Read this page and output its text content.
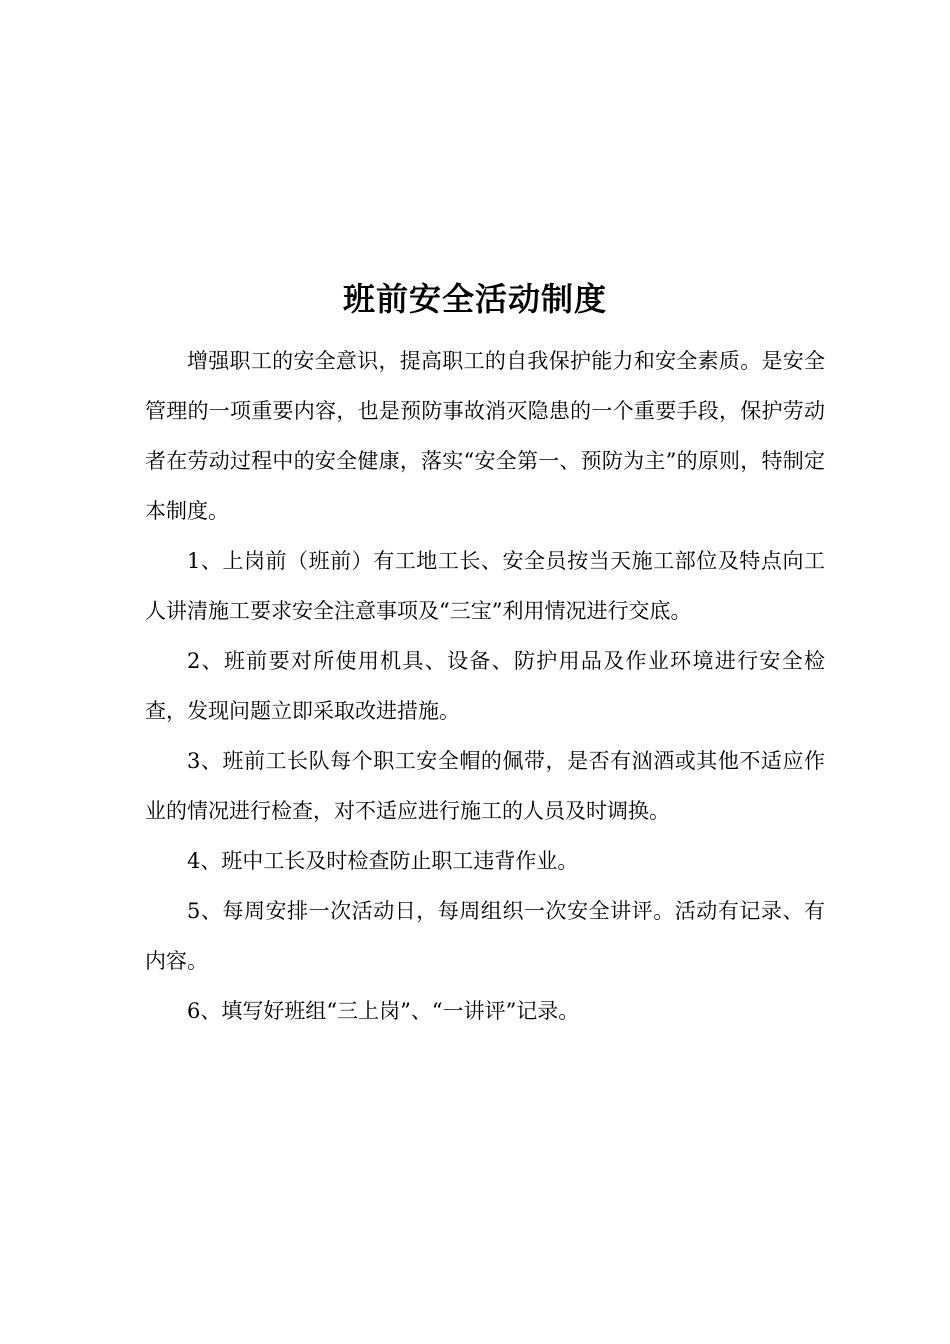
班前安全活动制度

增强职工的安全意识，提高职工的自我保护能力和安全素质。是安全管理的一项重要内容，也是预防事故消灭隐患的一个重要手段，保护劳动者在劳动过程中的安全健康，落实“安全第一、预防为主”的原则，特制定本制度。

1、上岗前（班前）有工地工长、安全员按当天施工部位及特点向工人讲清施工要求安全注意事项及“三宝”利用情况进行交底。

2、班前要对所使用机具、设备、防护用品及作业环境进行安全检查，发现问题立即采取改进措施。

3、班前工长队每个职工安全帽的佩带，是否有汹酒或其他不适应作业的情况进行检查，对不适应进行施工的人员及时调换。

4、班中工长及时检查防止职工违背作业。

5、每周安排一次活动日，每周组织一次安全讲评。活动有记录、有内容。

6、填写好班组“三上岗”、“一讲评”记录。
